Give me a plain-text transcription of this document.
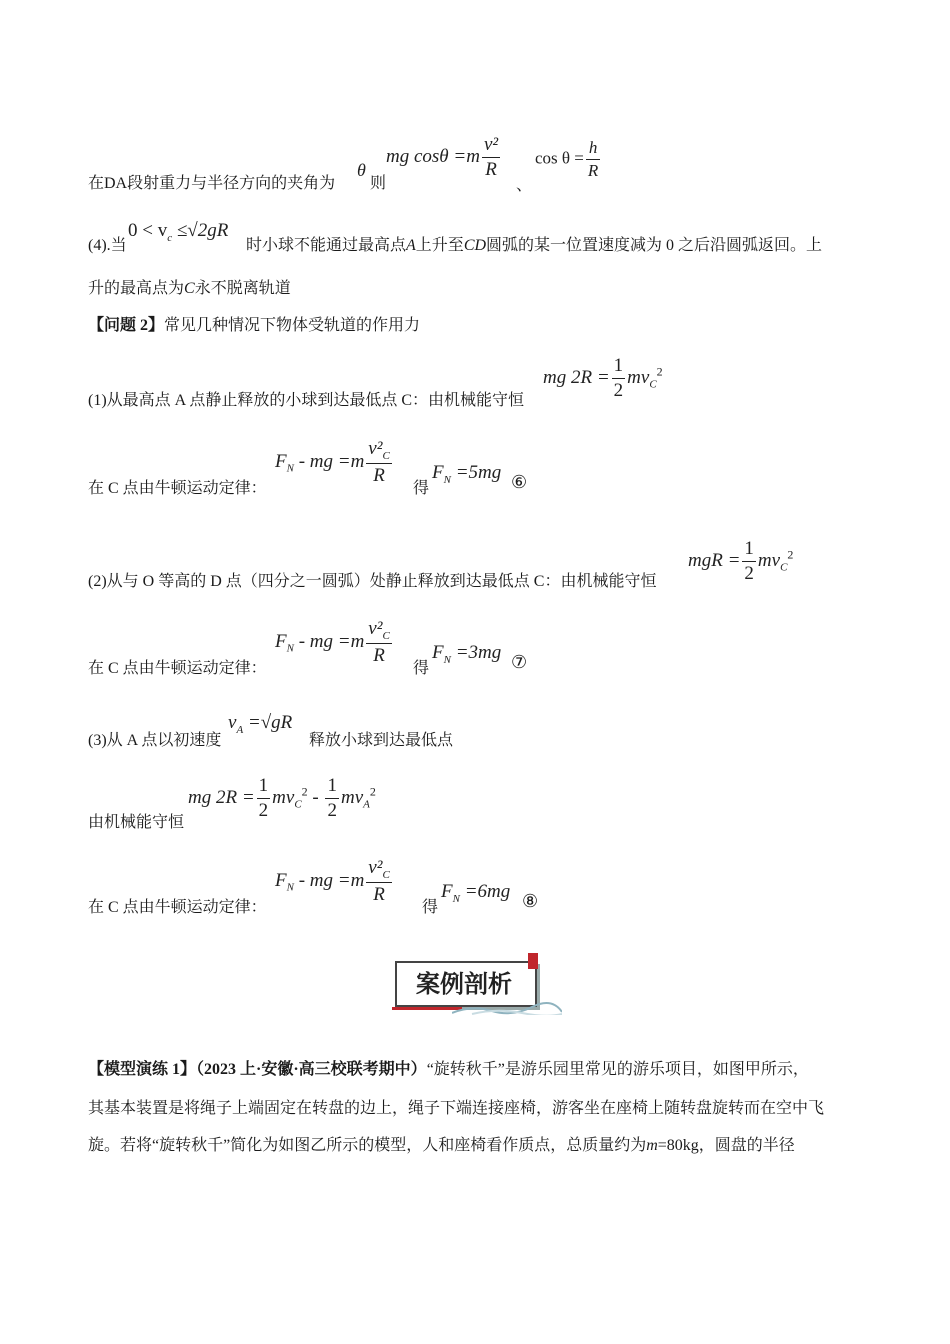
在DA段射重力与半径方向的夹角为
θ
则
mg $\cos\theta =m \frac{\text{v²}}{R}$
、
$\cos \theta = \frac{h}{R}$
(4).当
$0 < v_c \le√2gR$
时小球不能通过最高点A上升至CD圆弧的某一位置速度减为 0 之后沿圆弧返回。上
升的最高点为C永不脱离轨道
【问题 2】常见几种情况下物体受轨道的作用力
(1)从最高点 A 点静止释放的小球到达最低点 C：由机械能守恒
mg $2R = \frac{1}{2} mv_C^2$
在 C 点由牛顿运动定律：
$F_N$ - mg $=m \frac{v^2_C}{R}$
得
$F_N =5mg$ ⑥
(2)从与 O 等高的 D 点（四分之一圆弧）处静止释放到达最低点 C：由机械能守恒
mgR = $\frac{1}{2} mv_C^2$
在 C 点由牛顿运动定律：
$F_N$ - mg $=m \frac{v^2_C}{R}$
得
$F_N =3mg$ ⑦
(3)从 A 点以初速度
$v_A =√gR$
释放小球到达最低点
由机械能守恒
mg $2R = \frac{1}{2} mv_C^2 - \frac{1}{2} mv_A^2$
在 C 点由牛顿运动定律：
$F_N$ - mg $=m \frac{v^2_C}{R}$
得
$F_N =6mg$ ⑧
案例剖析
【模型演练 1】（2023 上·安徽·高三校联考期中）“旋转秋千”是游乐园里常见的游乐项目，如图甲所示，
其基本装置是将绳子上端固定在转盘的边上，绳子下端连接座椅，游客坐在座椅上随转盘旋转而在空中飞
旋。若将“旋转秋千”简化为如图乙所示的模型，人和座椅看作质点，总质量约为m=80kg，圆盘的半径
